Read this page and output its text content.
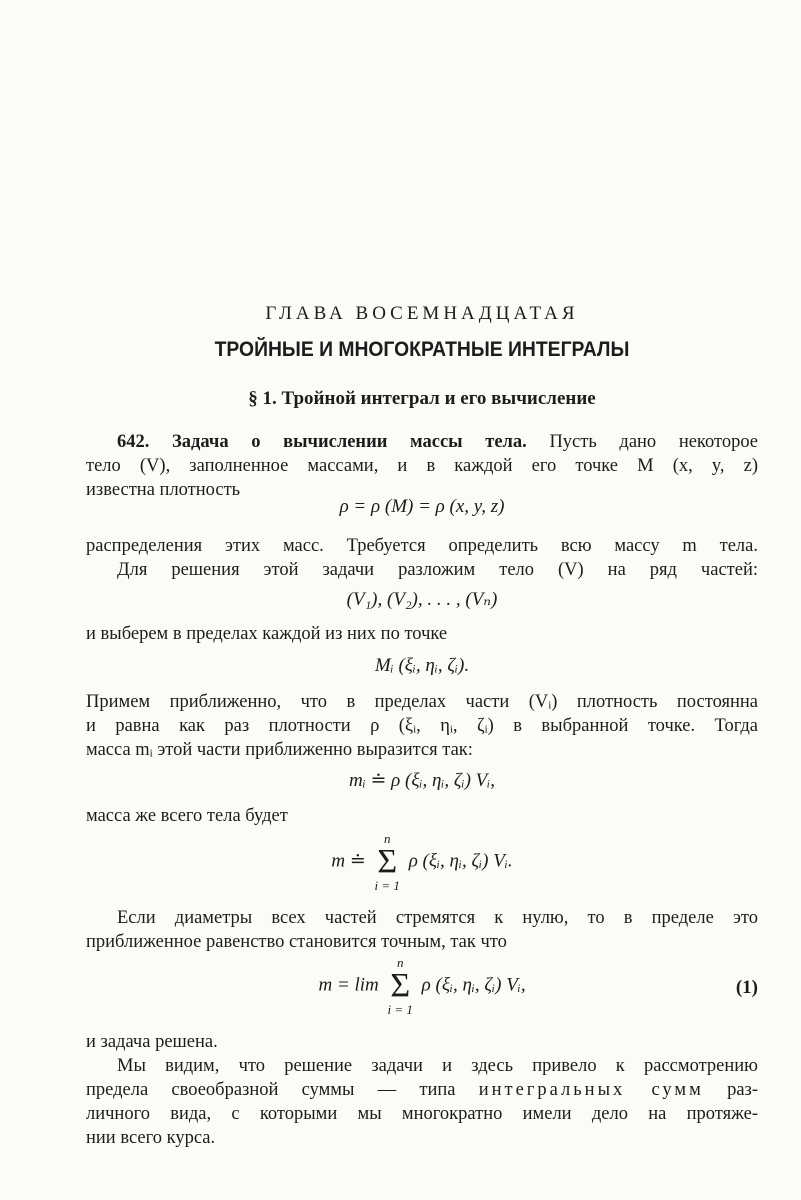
ГЛАВА ВОСЕМНАДЦАТАЯ
ТРОЙНЫЕ И МНОГОКРАТНЫЕ ИНТЕГРАЛЫ
§ 1. Тройной интеграл и его вычисление
642. Задача о вычислении массы тела. Пусть дано некоторое
тело (V), заполненное массами, и в каждой его точке M (x, y, z)
известна плотность
ρ = ρ (M) = ρ (x, y, z)
распределения этих масс. Требуется определить всю массу m тела.
Для решения этой задачи разложим тело (V) на ряд частей:
(V₁), (V₂), . . . , (Vₙ)
и выберем в пределах каждой из них по точке
Mᵢ (ξᵢ, ηᵢ, ζᵢ).
Примем приближенно, что в пределах части (Vᵢ) плотность постоянна
и равна как раз плотности ρ (ξᵢ, ηᵢ, ζᵢ) в выбранной точке. Тогда
масса mᵢ этой части приближенно выразится так:
mᵢ ≐ ρ (ξᵢ, ηᵢ, ζᵢ) Vᵢ,
масса же всего тела будет
m ≐
n
Σ
i = 1
ρ (ξᵢ, ηᵢ, ζᵢ) Vᵢ.
Если диаметры всех частей стремятся к нулю, то в пределе это
приближенное равенство становится точным, так что
m = lim
n
Σ
i = 1
ρ (ξᵢ, ηᵢ, ζᵢ) Vᵢ,	(1)
и задача решена.
Мы видим, что решение задачи и здесь привело к рассмотрению
предела своеобразной суммы — типа интегральных сумм раз-
личного вида, с которыми мы многократно имели дело на протяже-
нии всего курса.
